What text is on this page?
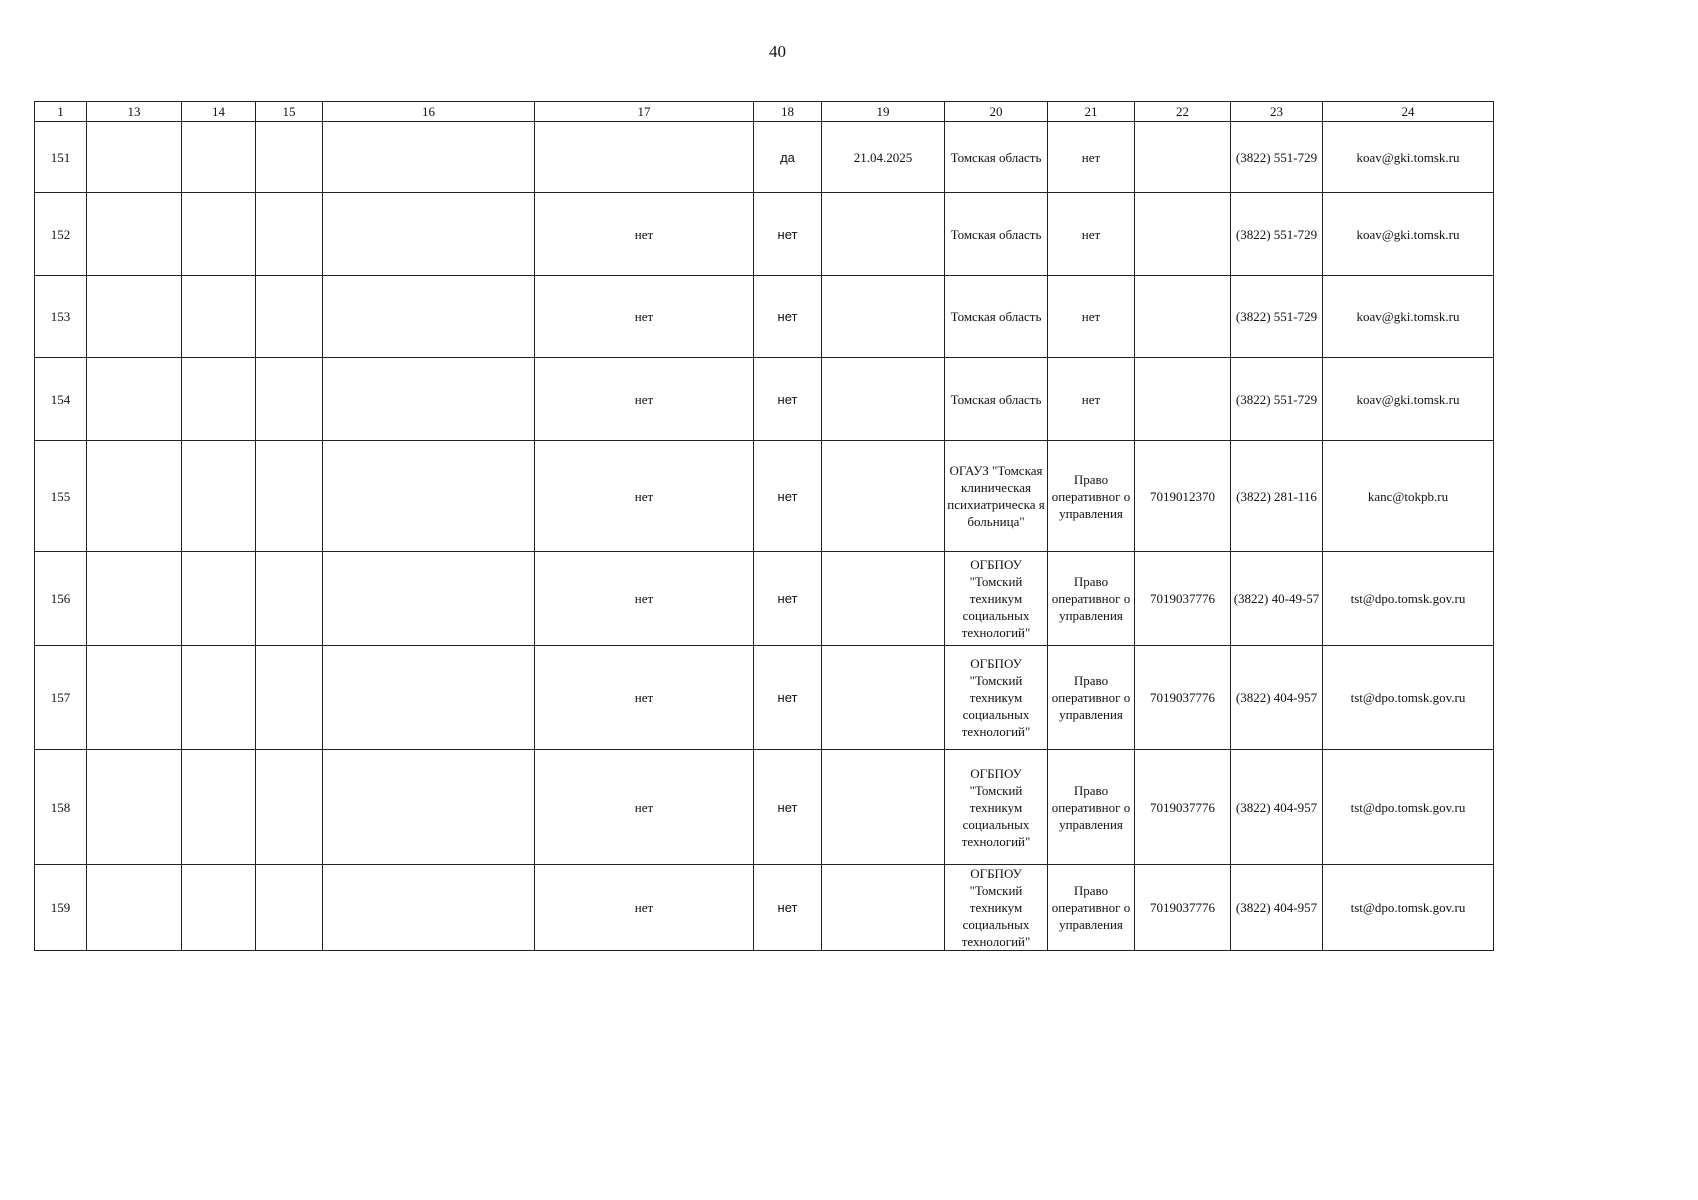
40
1	13	14	15	16	17	18	19	20	21	22	23	24
151						да	21.04.2025	Томская область	нет		(3822) 551-729	koav@gki.tomsk.ru
152					нет	нет		Томская область	нет		(3822) 551-729	koav@gki.tomsk.ru
153					нет	нет		Томская область	нет		(3822) 551-729	koav@gki.tomsk.ru
154					нет	нет		Томская область	нет		(3822) 551-729	koav@gki.tomsk.ru
155					нет	нет		ОГАУЗ "Томская клиническая психиатрическа я больница"	Право оперативног о управления	7019012370	(3822) 281-116	kanc@tokpb.ru
156					нет	нет		ОГБПОУ "Томский техникум социальных технологий"	Право оперативног о управления	7019037776	(3822) 40-49-57	tst@dpo.tomsk.gov.ru
157					нет	нет		ОГБПОУ "Томский техникум социальных технологий"	Право оперативног о управления	7019037776	(3822) 404-957	tst@dpo.tomsk.gov.ru
158					нет	нет		ОГБПОУ "Томский техникум социальных технологий"	Право оперативног о управления	7019037776	(3822) 404-957	tst@dpo.tomsk.gov.ru
159					нет	нет		ОГБПОУ "Томский техникум социальных технологий"	Право оперативног о управления	7019037776	(3822) 404-957	tst@dpo.tomsk.gov.ru
